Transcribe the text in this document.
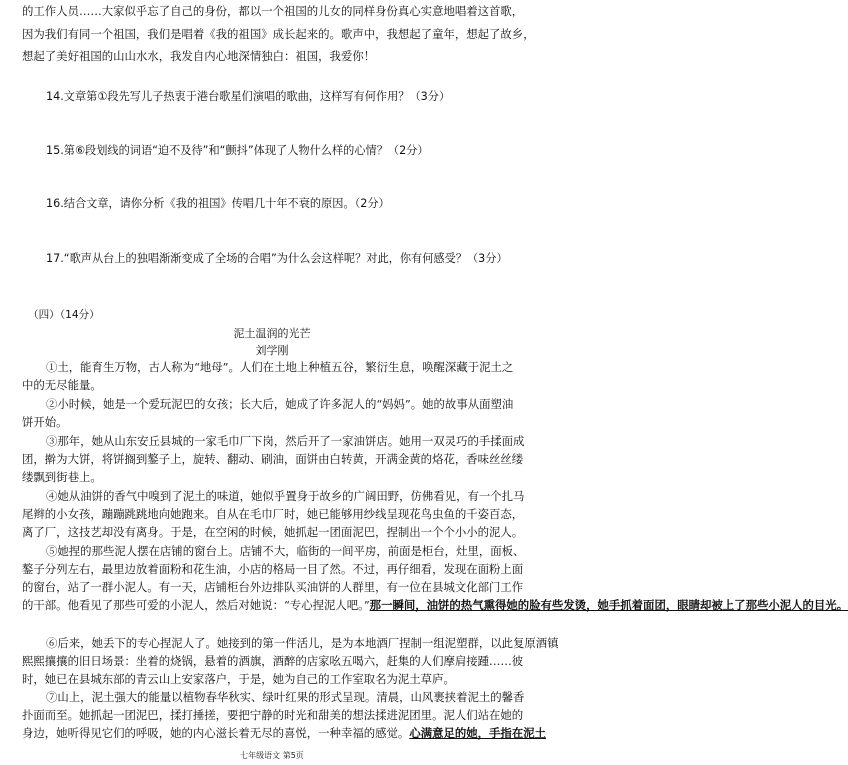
的工作人员……大家似乎忘了自己的身份，都以一个祖国的儿女的同样身份真心实意地唱着这首歌，
因为我们有同一个祖国，我们是唱着《我的祖国》成长起来的。歌声中，我想起了童年，想起了故乡，
想起了美好祖国的山山水水，我发自内心地深情独白：祖国，我爱你！
14.文章第①段先写儿子热衷于港台歌星们演唱的歌曲，这样写有何作用？（3分）
15.第⑥段划线的词语“迫不及待”和“颤抖”体现了人物什么样的心情？（2分）
16.结合文章，请你分析《我的祖国》传唱几十年不衰的原因。（2分）
17.“歌声从台上的独唱渐渐变成了全场的合唱”为什么会这样呢？对此，你有何感受？（3分）
（四）（14分）
泥土温润的光芒
刘学刚
①土，能育生万物，古人称为“地母”。人们在土地上种植五谷，繁衍生息，唤醒深藏于泥土之
中的无尽能量。
②小时候，她是一个爱玩泥巴的女孩；长大后，她成了许多泥人的“妈妈”。她的故事从面塑油
饼开始。
③那年，她从山东安丘县城的一家毛巾厂下岗，然后开了一家油饼店。她用一双灵巧的手揉面成
团，擀为大饼，将饼搁到鏊子上，旋转、翻动、刷油，面饼由白转黄，开满金黄的烙花，香味丝丝缕
缕飘到街巷上。
④她从油饼的香气中嗅到了泥土的味道，她似乎置身于故乡的广阔田野，仿佛看见，有一个扎马
尾辫的小女孩，蹦蹦跳跳地向她跑来。自从在毛巾厂时，她已能够用纱线呈现花鸟虫鱼的千姿百态，
离了厂，这技艺却没有离身。于是，在空闲的时候，她抓起一团面泥巴，捏制出一个个小小的泥人。
⑤她捏的那些泥人摆在店铺的窗台上。店铺不大，临街的一间平房，前面是柜台，灶里，面板、
鏊子分列左右，最里边放着面粉和花生油，小店的格局一目了然。不过，再仔细看，发现在面粉上面
的窗台，站了一群小泥人。有一天，店铺柜台外边排队买油饼的人群里，有一位在县城文化部门工作
的干部。他看见了那些可爱的小泥人，然后对她说：“专心捏泥人吧。”那一瞬间，油饼的热气熏得她的脸有些发烫，她手抓着面团，眼睛却被上了那些小泥人的目光。
⑥后来，她丢下的专心捏泥人了。她接到的第一件活儿，是为本地酒厂捏制一组泥塑群，以此复原酒镇
熙熙攘攘的旧日场景：坐着的烧锅，悬着的酒旗，酒醉的店家吆五喝六，赶集的人们摩肩接踵……彼
时，她已在县城东部的青云山上安家落户，于是，她为自己的工作室取名为泥土草庐。
⑦山上，泥土强大的能量以植物春华秋实、绿叶红果的形式呈现。清晨，山风裹挟着泥土的馨香
扑面而至。她抓起一团泥巴，揉打捶搓，要把宁静的时光和甜美的想法揉进泥团里。泥人们站在她的
身边，她听得见它们的呼吸，她的内心滋长着无尽的喜悦，一种幸福的感觉。心满意足的她，手指在泥土
七年级语文 第5页
